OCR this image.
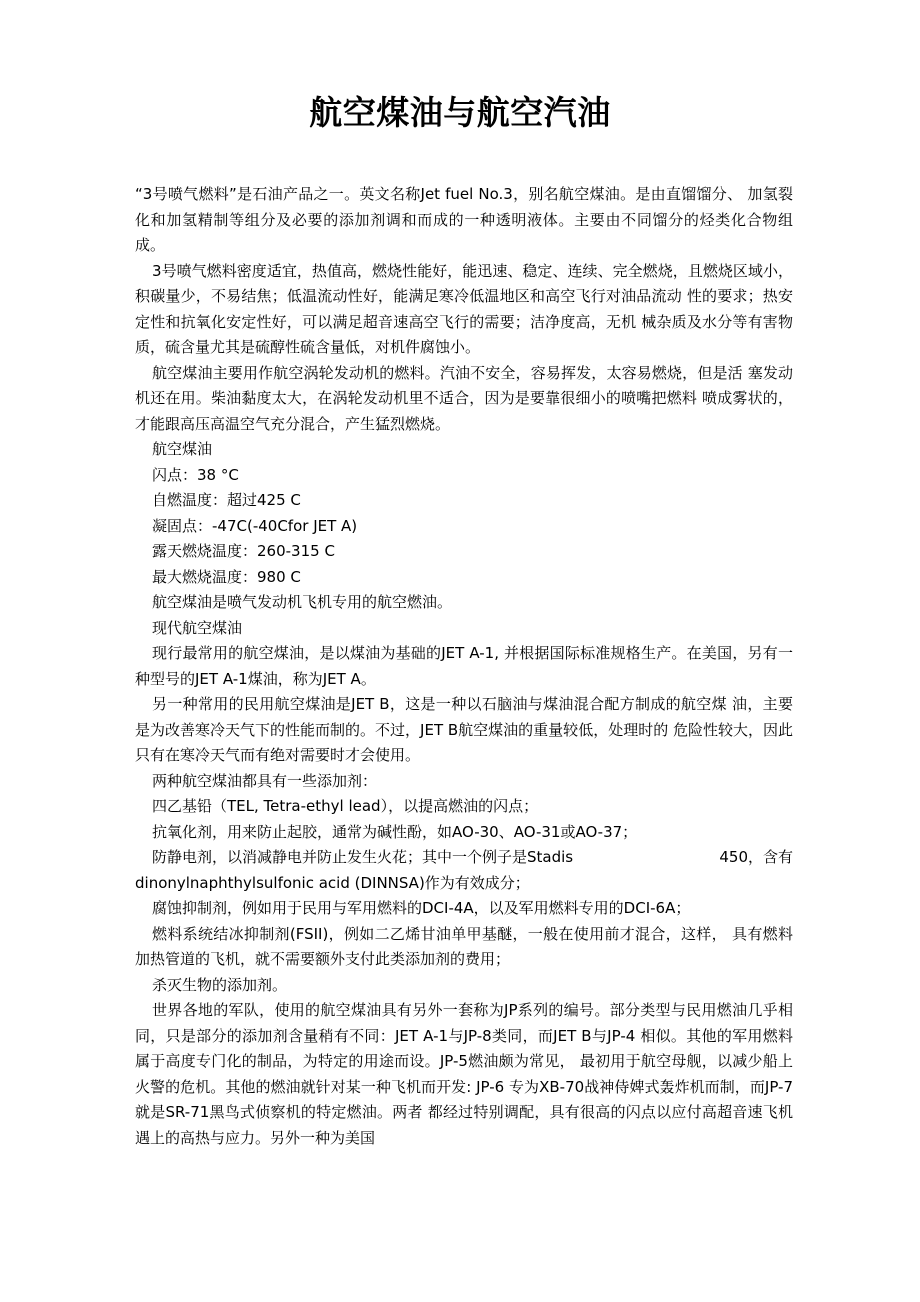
航空煤油与航空汽油

“3号喷气燃料”是石油产品之一。英文名称Jet fuel No.3，别名航空煤油。是由直馏馏分、 加氢裂化和加氢精制等组分及必要的添加剂调和而成的一种透明液体。主要由不同馏分的烃类化合物组成。

3号喷气燃料密度适宜，热值高，燃烧性能好，能迅速、稳定、连续、完全燃烧，且燃烧区域小，积碳量少，不易结焦；低温流动性好，能满足寒冷低温地区和高空飞行对油品流动 性的要求；热安定性和抗氧化安定性好，可以满足超音速高空飞行的需要；洁净度高，无机 械杂质及水分等有害物质，硫含量尤其是硫醇性硫含量低，对机件腐蚀小。

航空煤油主要用作航空涡轮发动机的燃料。汽油不安全，容易挥发，太容易燃烧，但是活 塞发动机还在用。柴油黏度太大，在涡轮发动机里不适合，因为是要靠很细小的喷嘴把燃料 喷成雾状的，才能跟高压高温空气充分混合，产生猛烈燃烧。

航空煤油

闪点：38 °C

自燃温度：超过425 C

凝固点：-47C(-40Cfor JET A)

露天燃烧温度：260-315 C

最大燃烧温度：980 C

航空煤油是喷气发动机飞机专用的航空燃油。

现代航空煤油

现行最常用的航空煤油，是以煤油为基础的JET A-1, 并根据国际标准规格生产。在美国，另有一种型号的JET A-1煤油，称为JET A。

另一种常用的民用航空煤油是JET B，这是一种以石脑油与煤油混合配方制成的航空煤 油，主要是为改善寒冷天气下的性能而制的。不过，JET B航空煤油的重量较低，处理时的 危险性较大，因此只有在寒冷天气而有绝对需要时才会使用。

两种航空煤油都具有一些添加剂：

四乙基铅（TEL, Tetra-ethyl lead），以提高燃油的闪点；

抗氧化剂，用来防止起胶，通常为碱性酚，如AO-30、AO-31或AO-37；

防静电剂，以消减静电并防止发生火花；其中一个例子是Stadis	450，含有

dinonylnaphthylsulfonic acid (DINNSA)作为有效成分；

腐蚀抑制剂，例如用于民用与军用燃料的DCI-4A，以及军用燃料专用的DCI-6A；

燃料系统结冰抑制剂(FSII)，例如二乙烯甘油单甲基醚，一般在使用前才混合，这样， 具有燃料加热管道的飞机，就不需要额外支付此类添加剂的费用；

杀灭生物的添加剂。

世界各地的军队，使用的航空煤油具有另外一套称为JP系列的编号。部分类型与民用燃油几乎相同，只是部分的添加剂含量稍有不同：JET A-1与JP-8类同，而JET B与JP-4 相似。其他的军用燃料属于高度专门化的制品，为特定的用途而设。JP-5燃油颇为常见， 最初用于航空母舰，以减少船上火警的危机。其他的燃油就针对某一种飞机而开发: JP-6 专为XB-70战神侍婢式轰炸机而制，而JP-7就是SR-71黑鸟式侦察机的特定燃油。两者 都经过特别调配，具有很高的闪点以应付高超音速飞机遇上的高热与应力。另外一种为美国
